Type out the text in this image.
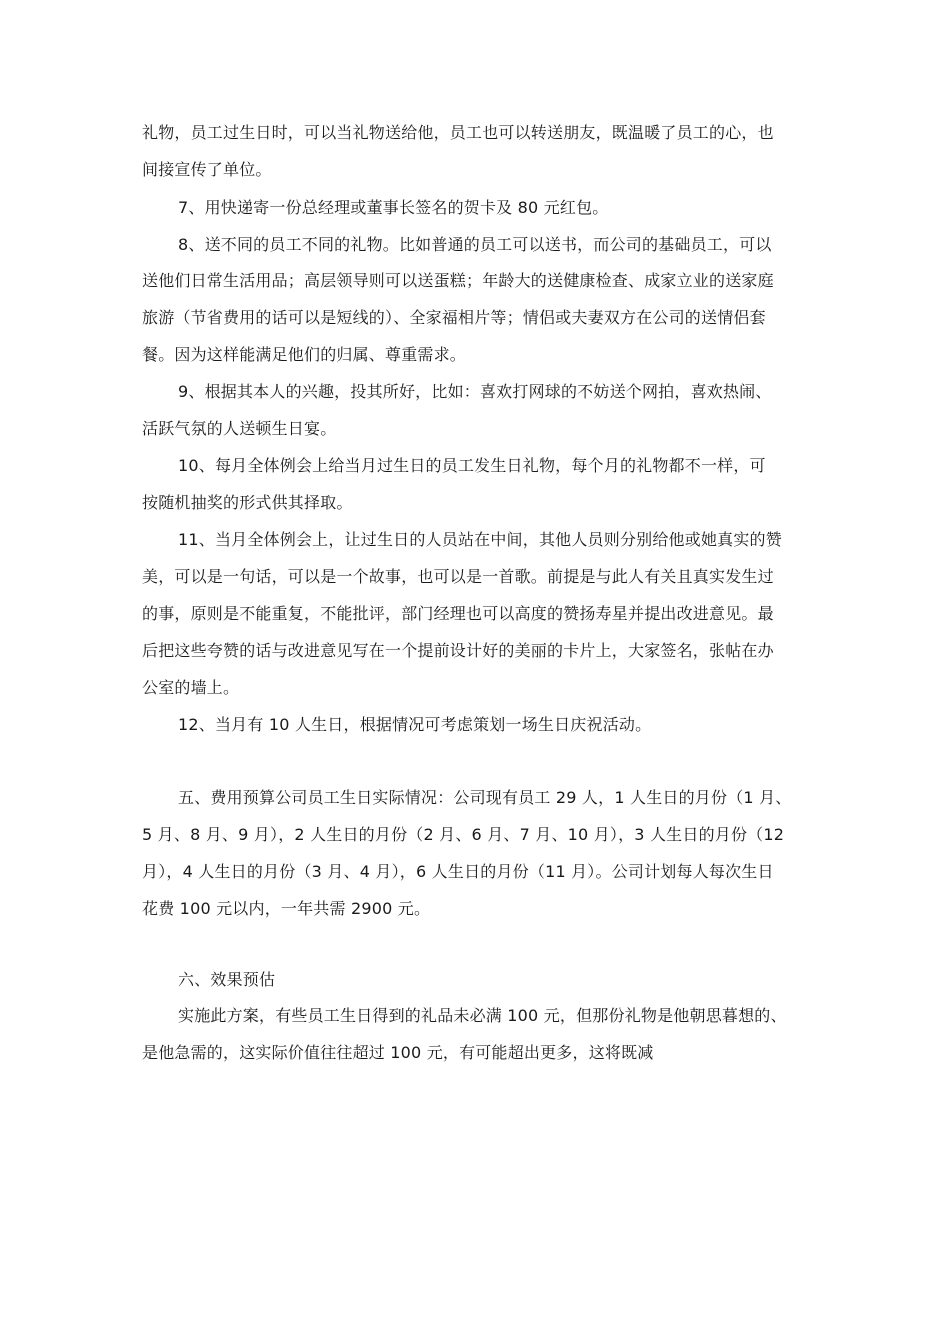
礼物，员工过生日时，可以当礼物送给他，员工也可以转送朋友，既温暖了员工的心，也
间接宣传了单位。
7、用快递寄一份总经理或董事长签名的贺卡及 80 元红包。
8、送不同的员工不同的礼物。比如普通的员工可以送书，而公司的基础员工，可以
送他们日常生活用品；高层领导则可以送蛋糕；年龄大的送健康检查、成家立业的送家庭
旅游（节省费用的话可以是短线的）、全家福相片等；情侣或夫妻双方在公司的送情侣套
餐。因为这样能满足他们的归属、尊重需求。
9、根据其本人的兴趣，投其所好，比如：喜欢打网球的不妨送个网拍，喜欢热闹、
活跃气氛的人送顿生日宴。
10、每月全体例会上给当月过生日的员工发生日礼物，每个月的礼物都不一样，可
按随机抽奖的形式供其择取。
11、当月全体例会上，让过生日的人员站在中间，其他人员则分别给他或她真实的赞
美，可以是一句话，可以是一个故事，也可以是一首歌。前提是与此人有关且真实发生过
的事，原则是不能重复，不能批评，部门经理也可以高度的赞扬寿星并提出改进意见。最
后把这些夸赞的话与改进意见写在一个提前设计好的美丽的卡片上，大家签名，张帖在办
公室的墙上。
12、当月有 10 人生日，根据情况可考虑策划一场生日庆祝活动。
五、费用预算公司员工生日实际情况：公司现有员工 29 人，1 人生日的月份（1 月、
5 月、8 月、9 月），2 人生日的月份（2 月、6 月、7 月、10 月），3 人生日的月份（12
月），4 人生日的月份（3 月、4 月），6 人生日的月份（11 月）。公司计划每人每次生日
花费 100 元以内，一年共需 2900 元。
六、效果预估
实施此方案，有些员工生日得到的礼品未必满 100 元，但那份礼物是他朝思暮想的、
是他急需的，这实际价值往往超过 100 元，有可能超出更多，这将既减
